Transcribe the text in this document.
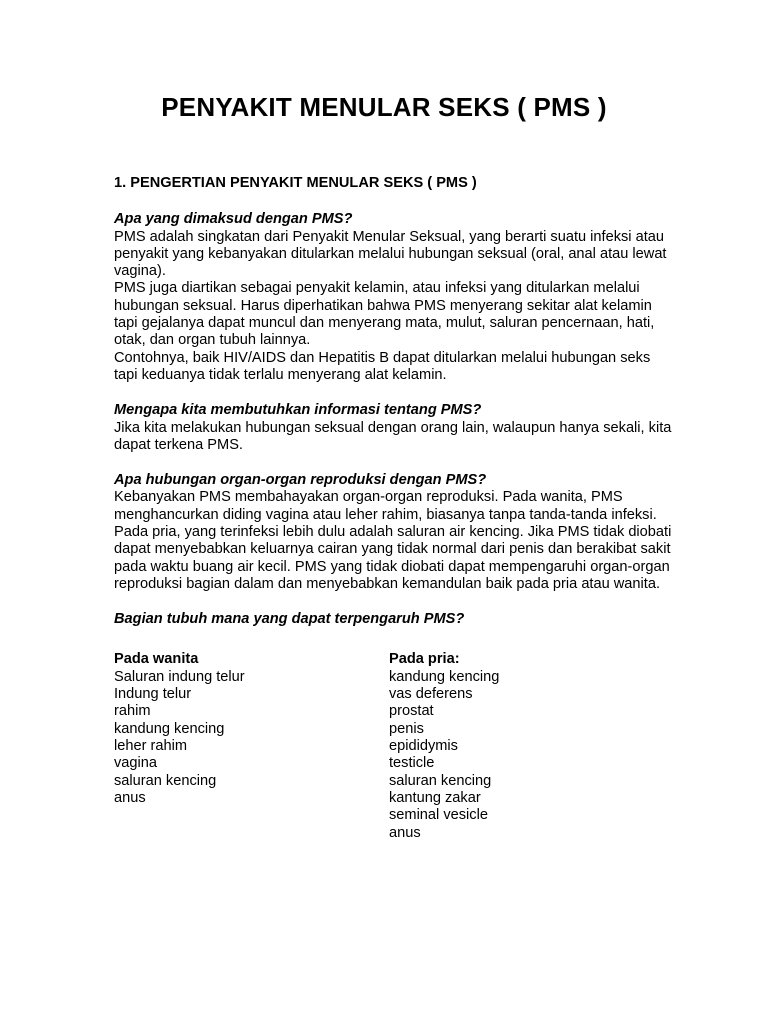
PENYAKIT MENULAR SEKS ( PMS )
1. PENGERTIAN PENYAKIT MENULAR SEKS ( PMS )

Apa yang dimaksud dengan PMS?

PMS adalah singkatan dari Penyakit Menular Seksual, yang berarti suatu infeksi atau penyakit yang kebanyakan ditularkan melalui hubungan seksual (oral, anal atau lewat vagina).

PMS juga diartikan sebagai penyakit kelamin, atau infeksi yang ditularkan melalui hubungan seksual. Harus diperhatikan bahwa PMS menyerang sekitar alat kelamin tapi gejalanya dapat muncul dan menyerang mata, mulut, saluran pencernaan, hati, otak, dan organ tubuh lainnya.

Contohnya, baik HIV/AIDS dan Hepatitis B dapat ditularkan melalui hubungan seks tapi keduanya tidak terlalu menyerang alat kelamin.

Mengapa kita membutuhkan informasi tentang PMS?

Jika kita melakukan hubungan seksual dengan orang lain, walaupun hanya sekali, kita dapat terkena PMS.

Apa hubungan organ-organ reproduksi dengan PMS?

Kebanyakan PMS membahayakan organ-organ reproduksi. Pada wanita, PMS menghancurkan diding vagina atau leher rahim, biasanya tanpa tanda-tanda infeksi. Pada pria, yang terinfeksi lebih dulu adalah saluran air kencing. Jika PMS tidak diobati dapat menyebabkan keluarnya cairan yang tidak normal dari penis dan berakibat sakit pada waktu buang air kecil. PMS yang tidak diobati dapat mempengaruhi organ-organ reproduksi bagian dalam dan menyebabkan kemandulan baik pada pria atau wanita.

Bagian tubuh mana yang dapat terpengaruh PMS?

Pada wanita
Saluran indung telur
Indung telur
rahim
kandung kencing
leher rahim
vagina
saluran kencing
anus
Pada pria:
kandung kencing
vas deferens
prostat
penis
epididymis
testicle
saluran kencing
kantung zakar
seminal vesicle
anus
